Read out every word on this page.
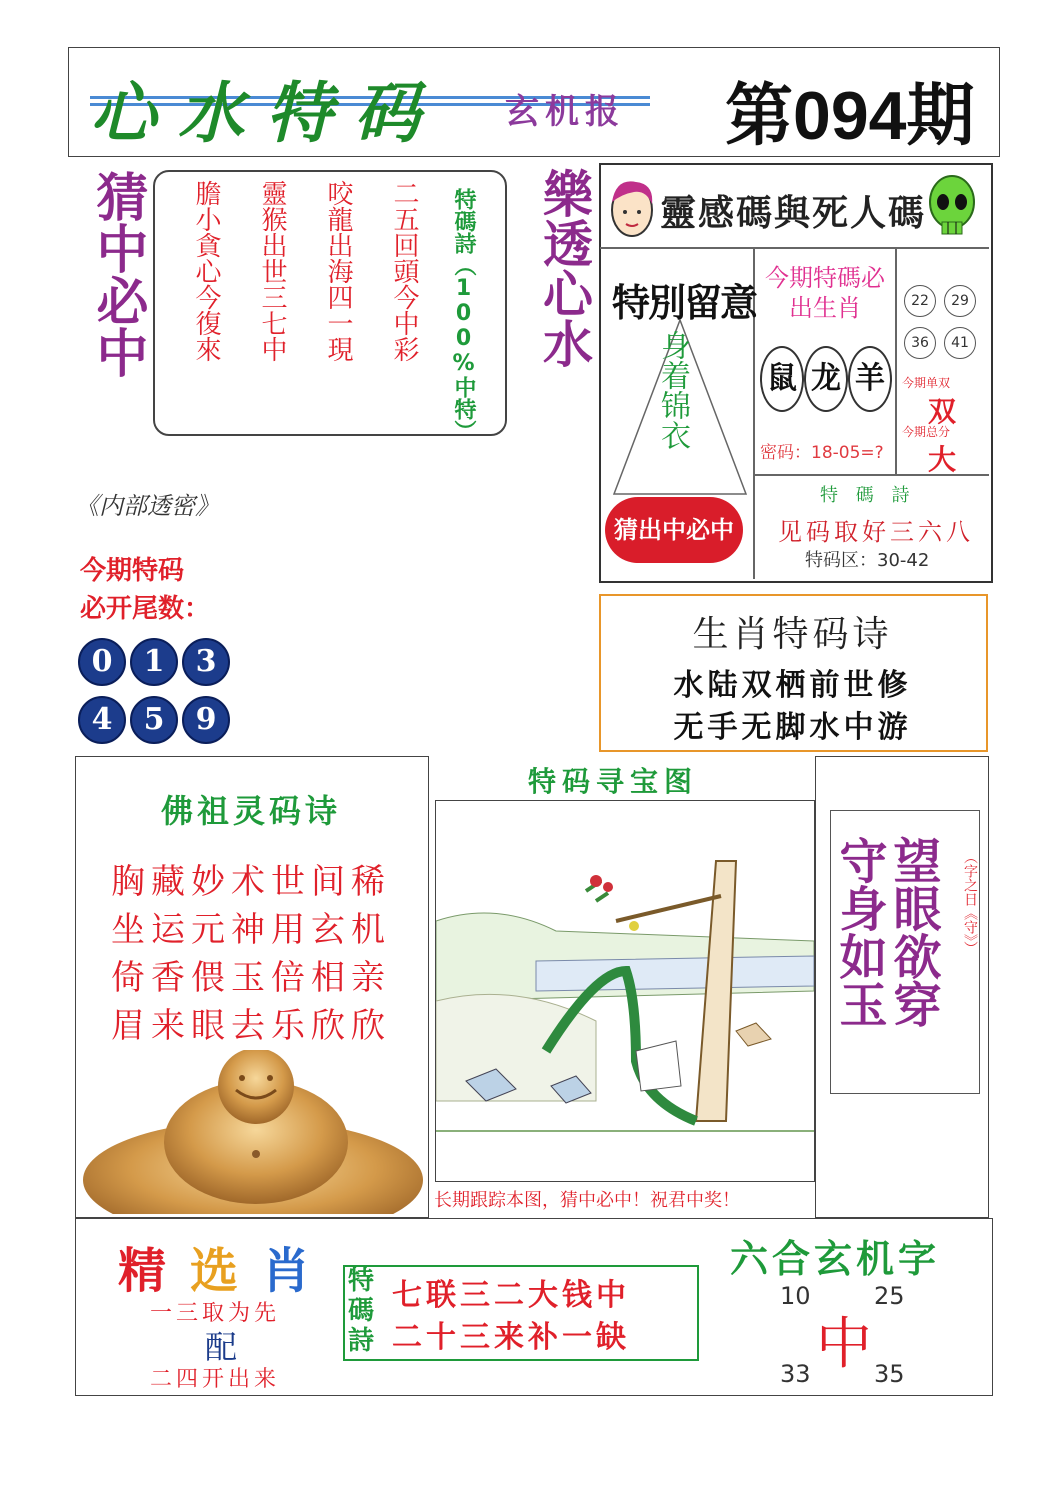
心水特码 玄机报 第094期
猜中必中	樂透心水
二五回頭今中彩
咬龍出海四一現
靈猴出世三七中
膽小貪心今復來	特碼詩（100%中特）	靈感碼與死人碼
特別留意
身着锦衣
猜出中必中
今期特碼必出生肖
鼠 龙 羊
密码：18-05=?
22	29
36	41
今期单双
双
今期总分
大
特 碼 詩
见码取好三六八
特码区：30-42
《内部透密》
今期特码
必开尾数：
0	1	3
4	5	9
生肖特码诗
水陆双栖前世修
无手无脚水中游
佛祖灵码诗
胸藏妙术世间稀
坐运元神用玄机
倚香偎玉倍相亲
眉来眼去乐欣欣
特码寻宝图
长期跟踪本图，猜中必中！祝君中奖！
望眼欲穿
守身如玉	（字之日《守》）
精选肖
一三取为先
配
二四开出来
特碼詩
七联三二大钱中
二十三来补一缺
六合玄机字
10	25
33	35
中
